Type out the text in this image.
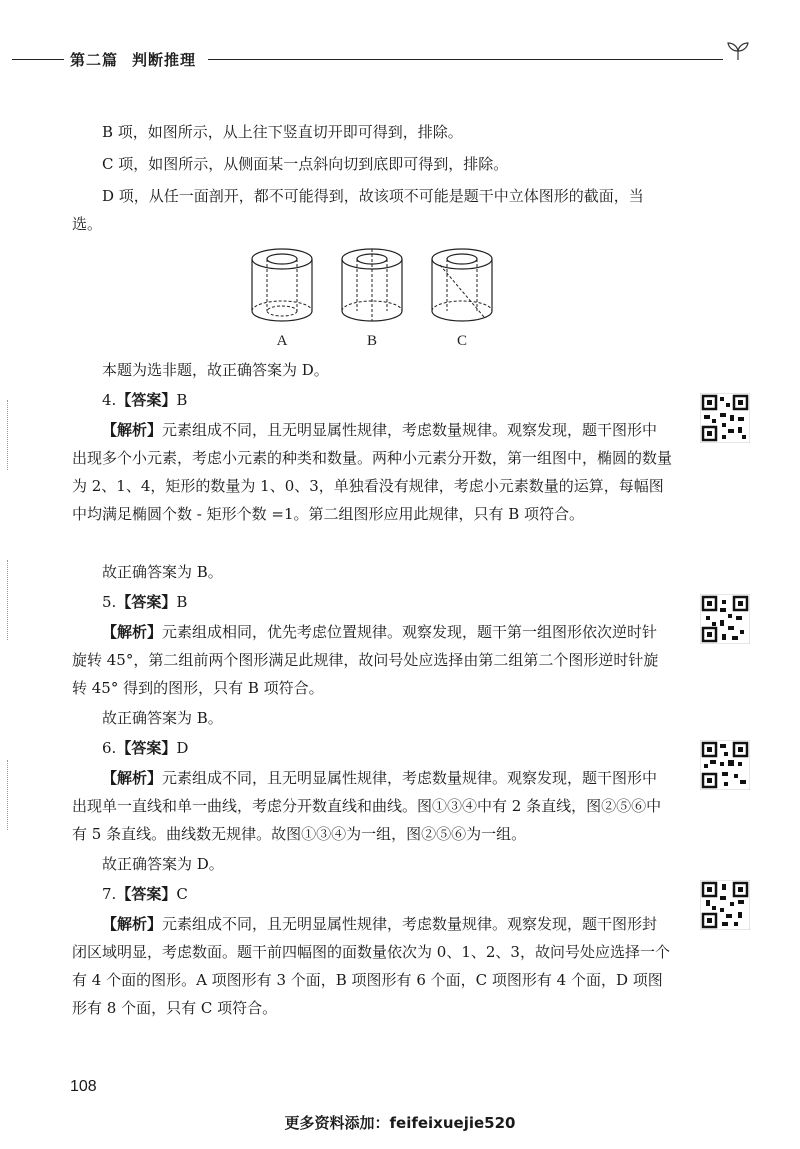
第二篇 判断推理

B 项，如图所示，从上往下竖直切开即可得到，排除。

C 项，如图所示，从侧面某一点斜向切到底即可得到，排除。

D 项，从任一面剖开，都不可能得到，故该项不可能是题干中立体图形的截面，当选。

本题为选非题，故正确答案为 D。

4.【答案】B

【解析】元素组成不同，且无明显属性规律，考虑数量规律。观察发现，题干图形中出现多个小元素，考虑小元素的种类和数量。两种小元素分开数，第一组图中，椭圆的数量为 2、1、4，矩形的数量为 1、0、3，单独看没有规律，考虑小元素数量的运算，每幅图中均满足椭圆个数 - 矩形个数 =1。第二组图形应用此规律，只有 B 项符合。

故正确答案为 B。

5.【答案】B

【解析】元素组成相同，优先考虑位置规律。观察发现，题干第一组图形依次逆时针旋转 45°，第二组前两个图形满足此规律，故问号处应选择由第二组第二个图形逆时针旋转 45° 得到的图形，只有 B 项符合。

故正确答案为 B。

6.【答案】D

【解析】元素组成不同，且无明显属性规律，考虑数量规律。观察发现，题干图形中出现单一直线和单一曲线，考虑分开数直线和曲线。图①③④中有 2 条直线，图②⑤⑥中有 5 条直线。曲线数无规律。故图①③④为一组，图②⑤⑥为一组。

故正确答案为 D。

7.【答案】C

【解析】元素组成不同，且无明显属性规律，考虑数量规律。观察发现，题干图形封闭区域明显，考虑数面。题干前四幅图的面数量依次为 0、1、2、3，故问号处应选择一个有 4 个面的图形。A 项图形有 3 个面，B 项图形有 6 个面，C 项图形有 4 个面，D 项图形有 8 个面，只有 C 项符合。

A	B	C
108
更多资料添加：feifeixuejie520
